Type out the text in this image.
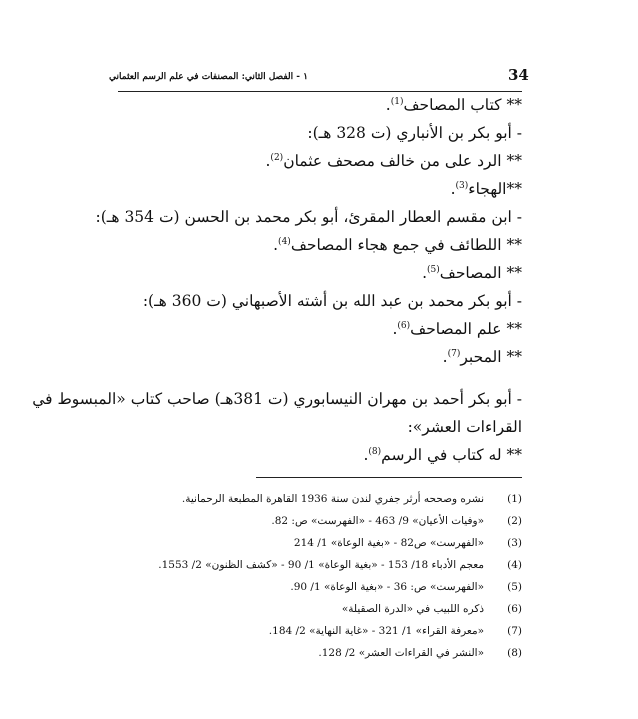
34
١ - الفصل الثاني: المصنفات في علم الرسم العثماني
** كتاب المصاحف$^{(1)}$.
- أبو بكر بن الأنباري (ت 328 هـ):
** الرد على من خالف مصحف عثمان$^{(2)}$.
**الهجاء$^{(3)}$.
- ابن مقسم العطار المقرئ، أبو بكر محمد بن الحسن (ت 354 هـ):
** اللطائف في جمع هجاء المصاحف$^{(4)}$.
** المصاحف$^{(5)}$.
- أبو بكر محمد بن عبد الله بن أشته الأصبهاني (ت 360 هـ):
** علم المصاحف$^{(6)}$.
** المحبر$^{(7)}$.
- أبو بكر أحمد بن مهران النيسابوري (ت 381هـ) صاحب كتاب «المبسوط في
القراءات العشر»:
** له كتاب في الرسم$^{(8)}$.
(1)نشره وصححه أرثر جفري لندن سنة 1936 القاهرة المطبعة الرحمانية.
(2)«وفيات الأعيان» 9/ 463 - «الفهرست» ص: 82.
(3)«الفهرست» ص82 - «بغية الوعاة» 1/ 214
(4)معجم الأدباء 18/ 153 - «بغية الوعاة» 1/ 90 - «كشف الظنون» 2/ 1553.
(5)«الفهرست» ص: 36 - «بغية الوعاة» 1/ 90.
(6)ذكره اللبيب في «الدرة الصقيلة»
(7)«معرفة القراء» 1/ 321 - «غاية النهاية» 2/ 184.
(8)«النشر في القراءات العشر» 2/ 128.
